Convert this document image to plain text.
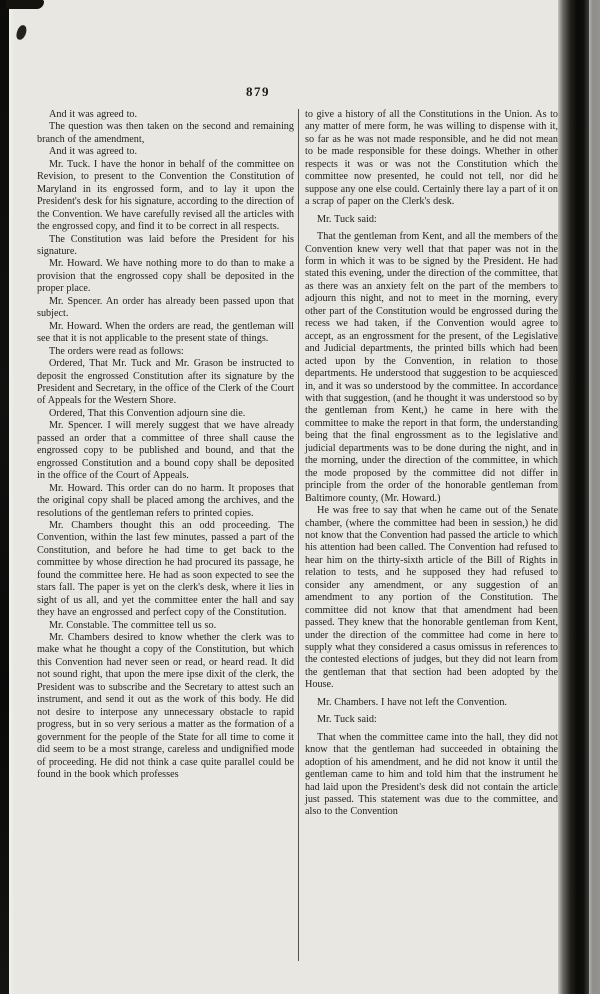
879

And it was agreed to.

The question was then taken on the second and remaining branch of the amendment,

And it was agreed to.

Mr. Tuck. I have the honor in behalf of the committee on Revision, to present to the Convention the Constitution of Maryland in its engrossed form, and to lay it upon the President's desk for his signature, according to the direction of the Convention. We have carefully revised all the articles with the engrossed copy, and find it to be correct in all respects.

The Constitution was laid before the President for his signature.

Mr. Howard. We have nothing more to do than to make a provision that the engrossed copy shall be deposited in the proper place.

Mr. Spencer. An order has already been passed upon that subject.

Mr. Howard. When the orders are read, the gentleman will see that it is not applicable to the present state of things.

The orders were read as follows:

Ordered, That Mr. Tuck and Mr. Grason be instructed to deposit the engrossed Constitution after its signature by the President and Secretary, in the office of the Clerk of the Court of Appeals for the Western Shore.

Ordered, That this Convention adjourn sine die.

Mr. Spencer. I will merely suggest that we have already passed an order that a committee of three shall cause the engrossed copy to be published and bound, and that the engrossed Constitution and a bound copy shall be deposited in the office of the Court of Appeals.

Mr. Howard. This order can do no harm. It proposes that the original copy shall be placed among the archives, and the resolutions of the gentleman refers to printed copies.

Mr. Chambers thought this an odd proceeding. The Convention, within the last few minutes, passed a part of the Constitution, and before he had time to get back to the committee by whose direction he had procured its passage, he found the committee here. He had as soon expected to see the stars fall. The paper is yet on the clerk's desk, where it lies in sight of us all, and yet the committee enter the hall and say they have an engrossed and perfect copy of the Constitution.

Mr. Constable. The committee tell us so.

Mr. Chambers desired to know whether the clerk was to make what he thought a copy of the Constitution, but which this Convention had never seen or read, or heard read. It did not sound right, that upon the mere ipse dixit of the clerk, the President was to subscribe and the Secretary to attest such an instrument, and send it out as the work of this body. He did not desire to interpose any unnecessary obstacle to rapid progress, but in so very serious a matter as the formation of a government for the people of the State for all time to come it did seem to be a most strange, careless and undignified mode of proceeding. He did not think a case quite parallel could be found in the book which professes

to give a history of all the Constitutions in the Union. As to any matter of mere form, he was willing to dispense with it, so far as he was not made responsible, and he did not mean to be made responsible for these doings. Whether in other respects it was or was not the Constitution which the committee now presented, he could not tell, nor did he suppose any one else could. Certainly there lay a part of it on a scrap of paper on the Clerk's desk.

Mr. Tuck said:

That the gentleman from Kent, and all the members of the Convention knew very well that that paper was not in the form in which it was to be signed by the President. He had stated this evening, under the direction of the committee, that as there was an anxiety felt on the part of the members to adjourn this night, and not to meet in the morning, every other part of the Constitution would be engrossed during the recess we had taken, if the Convention would agree to accept, as an engrossment for the present, of the Legislative and Judicial departments, the printed bills which had been acted upon by the Convention, in relation to those departments. He understood that suggestion to be acquiesced in, and it was so understood by the committee. In accordance with that suggestion, (and he thought it was understood so by the gentleman from Kent,) he came in here with the committee to make the report in that form, the understanding being that the final engrossment as to the legislative and judicial departments was to be done during the night, and in the morning, under the direction of the committee, in which the mode proposed by the committee did not differ in principle from the order of the honorable gentleman from Baltimore county, (Mr. Howard.)

He was free to say that when he came out of the Senate chamber, (where the committee had been in session,) he did not know that the Convention had passed the article to which his attention had been called. The Convention had refused to hear him on the thirty-sixth article of the Bill of Rights in relation to tests, and he supposed they had refused to consider any amendment, or any suggestion of an amendment to any portion of the Constitution. The committee did not know that that amendment had been passed. They knew that the honorable gentleman from Kent, under the direction of the committee had come in here to supply what they considered a casus omissus in references to the contested elections of judges, but they did not learn from the gentleman that that section had been adopted by the House.

Mr. Chambers. I have not left the Convention.

Mr. Tuck said:

That when the committee came into the hall, they did not know that the gentleman had succeeded in obtaining the adoption of his amendment, and he did not know it until the gentleman came to him and told him that the instrument he had laid upon the President's desk did not contain the article just passed. This statement was due to the committee, and also to the Convention
